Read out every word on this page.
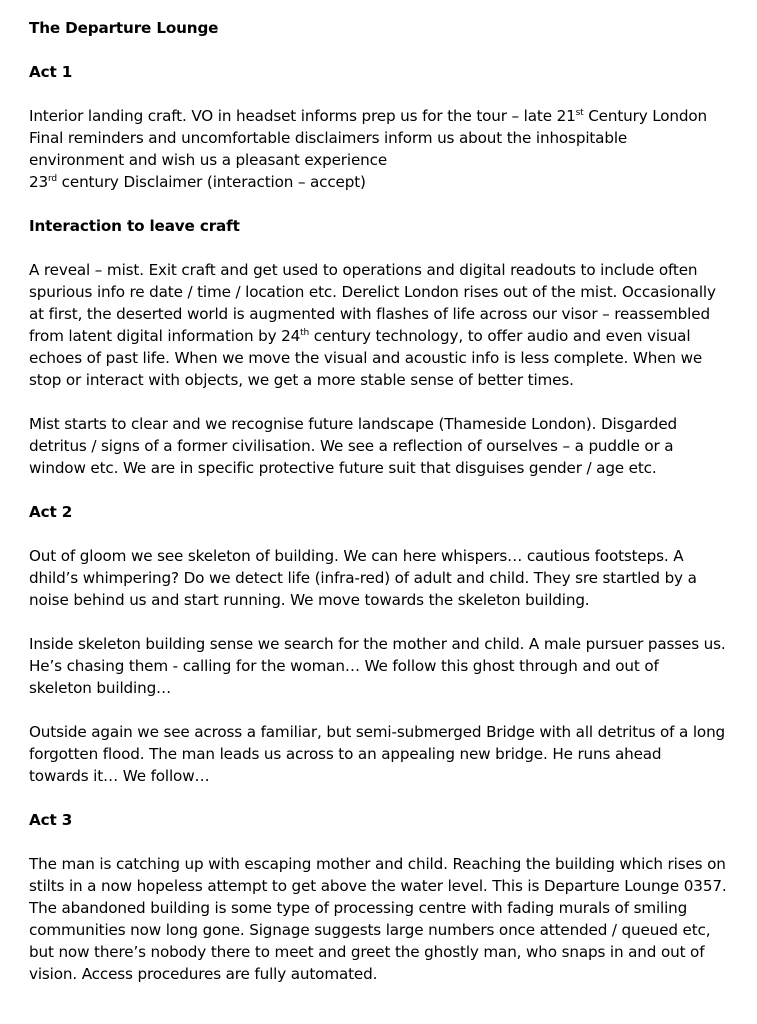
The Departure Lounge
Act 1
Interior landing craft. VO in headset informs prep us for the tour – late 21st Century London
Final reminders and uncomfortable disclaimers inform us about the inhospitable
environment and wish us a pleasant experience
23rd century Disclaimer (interaction – accept)
Interaction to leave craft
A reveal – mist. Exit craft and get used to operations and digital readouts to include often
spurious info re date / time / location etc. Derelict London rises out of the mist. Occasionally
at first, the deserted world is augmented with flashes of life across our visor – reassembled
from latent digital information by 24th century technology, to offer audio and even visual
echoes of past life. When we move the visual and acoustic info is less complete. When we
stop or interact with objects, we get a more stable sense of better times.
Mist starts to clear and we recognise future landscape (Thameside London). Disgarded
detritus / signs of a former civilisation. We see a reflection of ourselves – a puddle or a
window etc. We are in specific protective future suit that disguises gender / age etc.
Act 2
Out of gloom we see skeleton of building. We can here whispers… cautious footsteps. A
dhild’s whimpering? Do we detect life (infra-red) of adult and child. They sre startled by a
noise behind us and start running. We move towards the skeleton building.
Inside skeleton building sense we search for the mother and child. A male pursuer passes us.
He’s chasing them - calling for the woman… We follow this ghost through and out of
skeleton building…
Outside again we see across a familiar, but semi-submerged Bridge with all detritus of a long
forgotten flood. The man leads us across to an appealing new bridge. He runs ahead
towards it… We follow…
Act 3
The man is catching up with escaping mother and child. Reaching the building which rises on
stilts in a now hopeless attempt to get above the water level. This is Departure Lounge 0357.
The abandoned building is some type of processing centre with fading murals of smiling
communities now long gone. Signage suggests large numbers once attended / queued etc,
but now there’s nobody there to meet and greet the ghostly man, who snaps in and out of
vision. Access procedures are fully automated.
